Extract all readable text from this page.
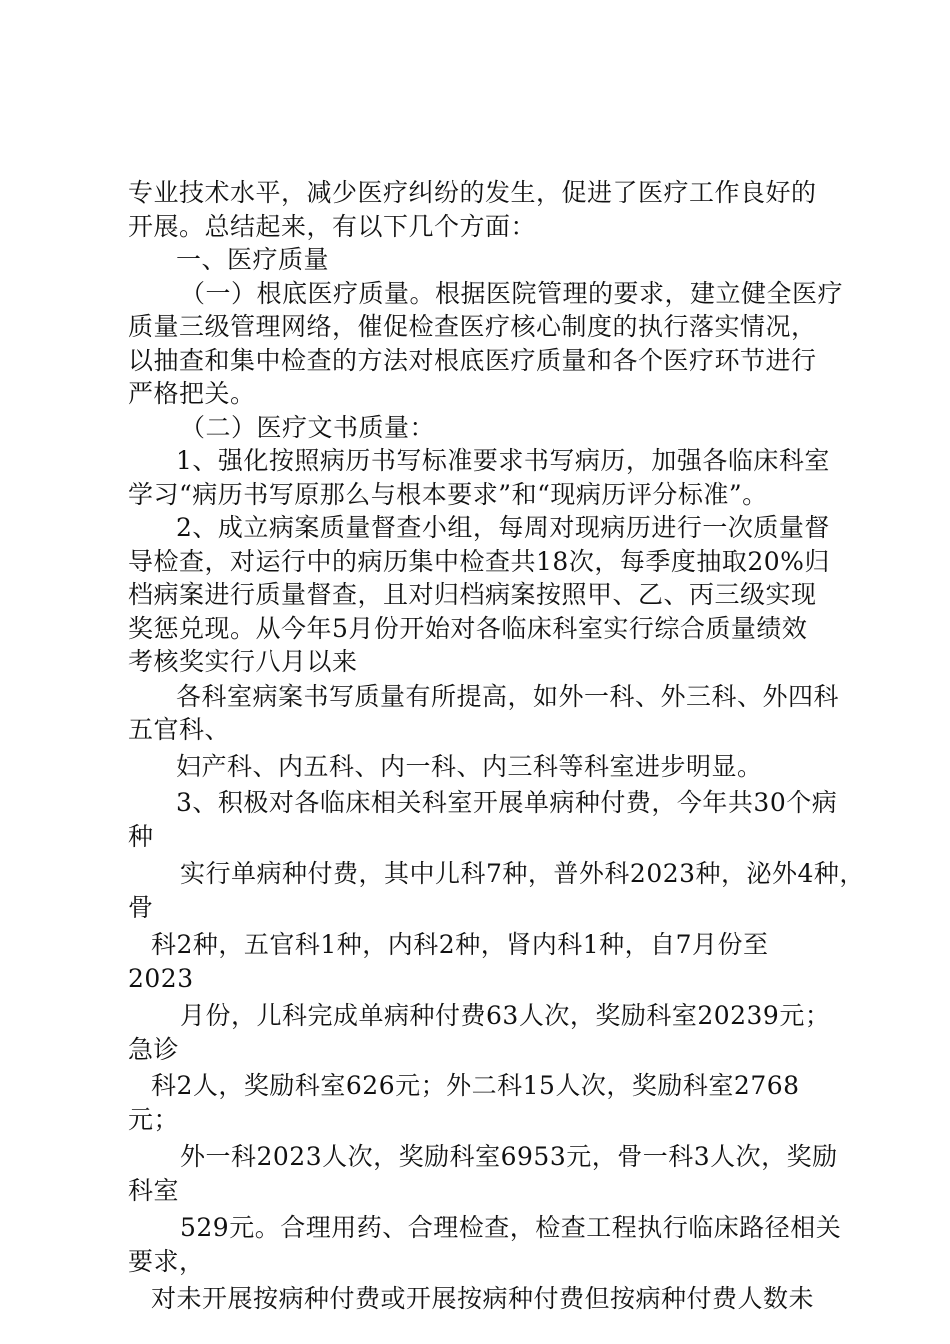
专业技术水平，减少医疗纠纷的发生，促进了医疗工作良好的
开展。总结起来，有以下几个方面：
一、医疗质量
（一）根底医疗质量。根据医院管理的要求，建立健全医疗
质量三级管理网络，催促检查医疗核心制度的执行落实情况，
以抽查和集中检查的方法对根底医疗质量和各个医疗环节进行
严格把关。
（二）医疗文书质量：
1、强化按照病历书写标准要求书写病历，加强各临床科室
学习“病历书写原那么与根本要求”和“现病历评分标准”。
2、成立病案质量督查小组，每周对现病历进行一次质量督
导检查，对运行中的病历集中检查共18次，每季度抽取20%归
档病案进行质量督查，且对归档病案按照甲、乙、丙三级实现
奖惩兑现。从今年5月份开始对各临床科室实行综合质量绩效
考核奖实行八月以来
各科室病案书写质量有所提高，如外一科、外三科、外四科
五官科、
妇产科、内五科、内一科、内三科等科室进步明显。
3、积极对各临床相关科室开展单病种付费，今年共30个病
种
实行单病种付费，其中儿科7种，普外科2023种，泌外4种，
骨
科2种，五官科1种，内科2种，肾内科1种，自7月份至
2023
月份，儿科完成单病种付费63人次，奖励科室20239元；
急诊
科2人，奖励科室626元；外二科15人次，奖励科室2768
元；
外一科2023人次，奖励科室6953元，骨一科3人次，奖励
科室
529元。合理用药、合理检查，检查工程执行临床路径相关
要求，
对未开展按病种付费或开展按病种付费但按病种付费人数未
